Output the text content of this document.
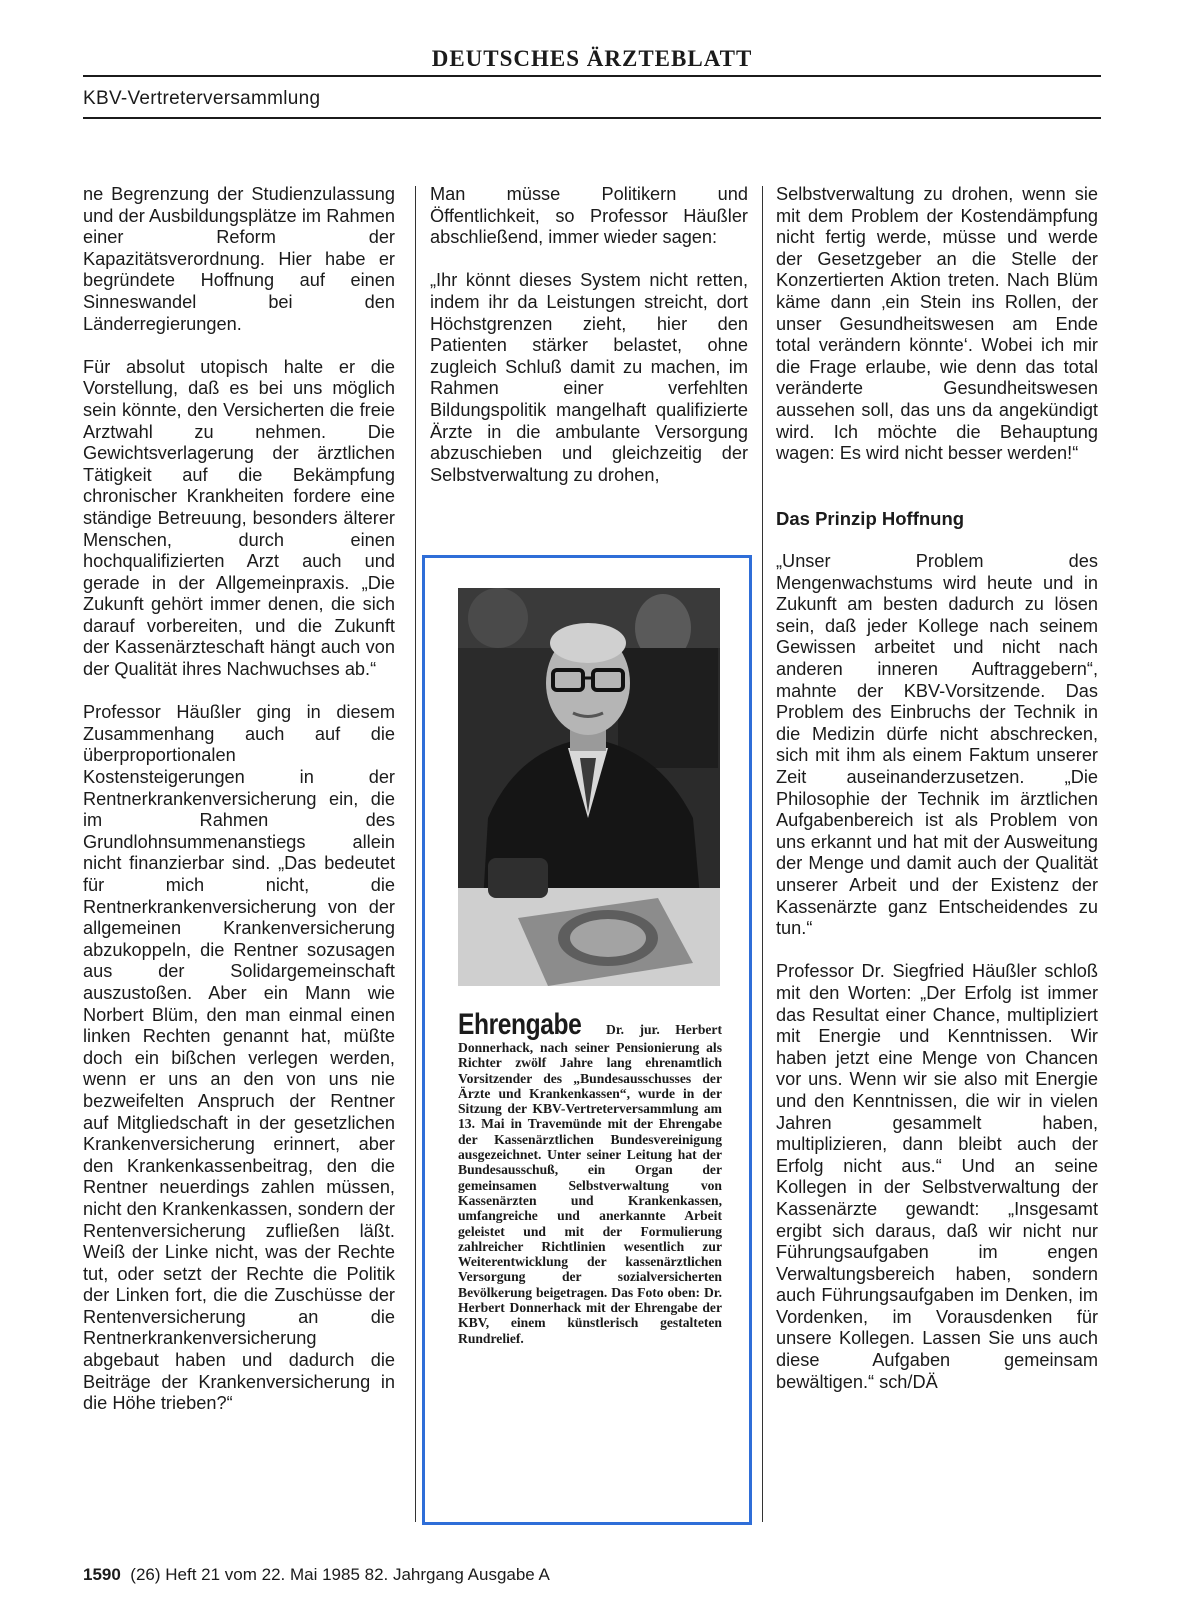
DEUTSCHES ÄRZTEBLATT
KBV-Vertreterversammlung

ne Begrenzung der Studienzulassung und der Ausbildungsplätze im Rahmen einer Reform der Kapazitätsverordnung. Hier habe er begründete Hoffnung auf einen Sinneswandel bei den Länderregierungen.

Für absolut utopisch halte er die Vorstellung, daß es bei uns möglich sein könnte, den Versicherten die freie Arztwahl zu nehmen. Die Gewichtsverlagerung der ärztlichen Tätigkeit auf die Bekämpfung chronischer Krankheiten fordere eine ständige Betreuung, besonders älterer Menschen, durch einen hochqualifizierten Arzt auch und gerade in der Allgemeinpraxis. „Die Zukunft gehört immer denen, die sich darauf vorbereiten, und die Zukunft der Kassenärzteschaft hängt auch von der Qualität ihres Nachwuchses ab.“

Professor Häußler ging in diesem Zusammenhang auch auf die überproportionalen Kostensteigerungen in der Rentnerkrankenversicherung ein, die im Rahmen des Grundlohnsummenanstiegs allein nicht finanzierbar sind. „Das bedeutet für mich nicht, die Rentnerkrankenversicherung von der allgemeinen Krankenversicherung abzukoppeln, die Rentner sozusagen aus der Solidargemeinschaft auszustoßen. Aber ein Mann wie Norbert Blüm, den man einmal einen linken Rechten genannt hat, müßte doch ein bißchen verlegen werden, wenn er uns an den von uns nie bezweifelten Anspruch der Rentner auf Mitgliedschaft in der gesetzlichen Krankenversicherung erinnert, aber den Krankenkassenbeitrag, den die Rentner neuerdings zahlen müssen, nicht den Krankenkassen, sondern der Rentenversicherung zufließen läßt. Weiß der Linke nicht, was der Rechte tut, oder setzt der Rechte die Politik der Linken fort, die die Zuschüsse der Rentenversicherung an die Rentnerkrankenversicherung abgebaut haben und dadurch die Beiträge der Krankenversicherung in die Höhe trieben?“

Man müsse Politikern und Öffentlichkeit, so Professor Häußler abschließend, immer wieder sagen:

„Ihr könnt dieses System nicht retten, indem ihr da Leistungen streicht, dort Höchstgrenzen zieht, hier den Patienten stärker belastet, ohne zugleich Schluß damit zu machen, im Rahmen einer verfehlten Bildungspolitik mangelhaft qualifizierte Ärzte in die ambulante Versorgung abzuschieben und gleichzeitig der Selbstverwaltung zu drohen,

Ehrengabe Dr. jur. Herbert Donnerhack, nach seiner Pensionierung als Richter zwölf Jahre lang ehrenamtlich Vorsitzender des „Bundesausschusses der Ärzte und Krankenkassen“, wurde in der Sitzung der KBV-Vertreterversammlung am 13. Mai in Travemünde mit der Ehrengabe der Kassenärztlichen Bundesvereinigung ausgezeichnet. Unter seiner Leitung hat der Bundesausschuß, ein Organ der gemeinsamen Selbstverwaltung von Kassenärzten und Krankenkassen, umfangreiche und anerkannte Arbeit geleistet und mit der Formulierung zahlreicher Richtlinien wesentlich zur Weiterentwicklung der kassenärztlichen Versorgung der sozialversicherten Bevölkerung beigetragen. Das Foto oben: Dr. Herbert Donnerhack mit der Ehrengabe der KBV, einem künstlerisch gestalteten Rundrelief.

Selbstverwaltung zu drohen, wenn sie mit dem Problem der Kostendämpfung nicht fertig werde, müsse und werde der Gesetzgeber an die Stelle der Konzertierten Aktion treten. Nach Blüm käme dann ‚ein Stein ins Rollen, der unser Gesundheitswesen am Ende total verändern könnte‘. Wobei ich mir die Frage erlaube, wie denn das total veränderte Gesundheitswesen aussehen soll, das uns da angekündigt wird. Ich möchte die Behauptung wagen: Es wird nicht besser werden!“

Das Prinzip Hoffnung

„Unser Problem des Mengenwachstums wird heute und in Zukunft am besten dadurch zu lösen sein, daß jeder Kollege nach seinem Gewissen arbeitet und nicht nach anderen inneren Auftraggebern“, mahnte der KBV-Vorsitzende. Das Problem des Einbruchs der Technik in die Medizin dürfe nicht abschrecken, sich mit ihm als einem Faktum unserer Zeit auseinanderzusetzen. „Die Philosophie der Technik im ärztlichen Aufgabenbereich ist als Problem von uns erkannt und hat mit der Ausweitung der Menge und damit auch der Qualität unserer Arbeit und der Existenz der Kassenärzte ganz Entscheidendes zu tun.“

Professor Dr. Siegfried Häußler schloß mit den Worten: „Der Erfolg ist immer das Resultat einer Chance, multipliziert mit Energie und Kenntnissen. Wir haben jetzt eine Menge von Chancen vor uns. Wenn wir sie also mit Energie und den Kenntnissen, die wir in vielen Jahren gesammelt haben, multiplizieren, dann bleibt auch der Erfolg nicht aus.“ Und an seine Kollegen in der Selbstverwaltung der Kassenärzte gewandt: „Insgesamt ergibt sich daraus, daß wir nicht nur Führungsaufgaben im engen Verwaltungsbereich haben, sondern auch Führungsaufgaben im Denken, im Vordenken, im Vorausdenken für unsere Kollegen. Lassen Sie uns auch diese Aufgaben gemeinsam bewältigen.“ sch/DÄ

1590 (26) Heft 21 vom 22. Mai 1985 82. Jahrgang Ausgabe A
